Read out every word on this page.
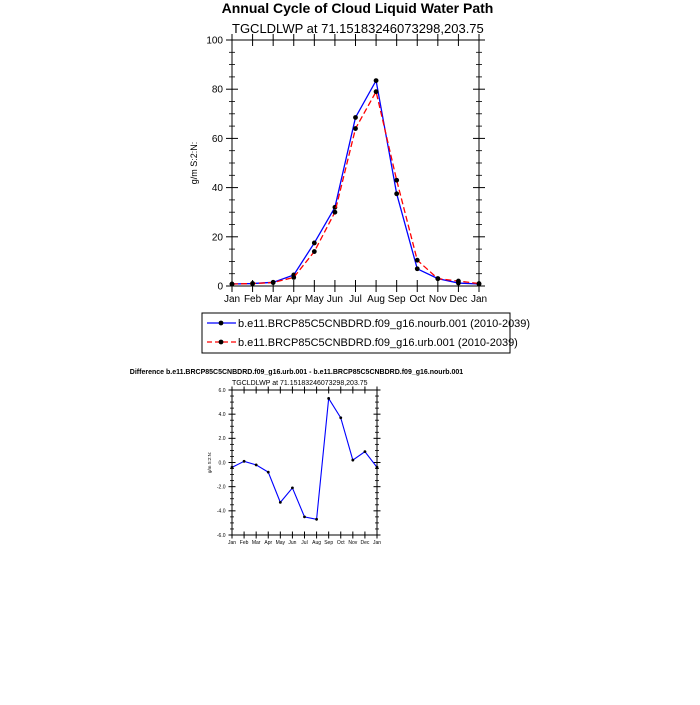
Annual Cycle of Cloud Liquid Water Path
TGCLDLWP at 71.15183246073298,203.75
0
20
40
60
80
100
Jan Feb Mar Apr May Jun Jul Aug Sep Oct Nov Dec Jan
g/m S:2:N:
b.e11.BRCP85C5CNBDRD.f09_g16.nourb.001 (2010-2039)
b.e11.BRCP85C5CNBDRD.f09_g16.urb.001 (2010-2039)
Difference b.e11.BRCP85C5CNBDRD.f09_g16.urb.001 - b.e11.BRCP85C5CNBDRD.f09_g16.nourb.001
TGCLDLWP at 71.15183246073298,203.75
-6.0
-4.0
-2.0
0.0
2.0
4.0
6.0
Jan Feb Mar Apr May Jun Jul Aug Sep Oct Nov Dec Jan
g/m S:2:N:
